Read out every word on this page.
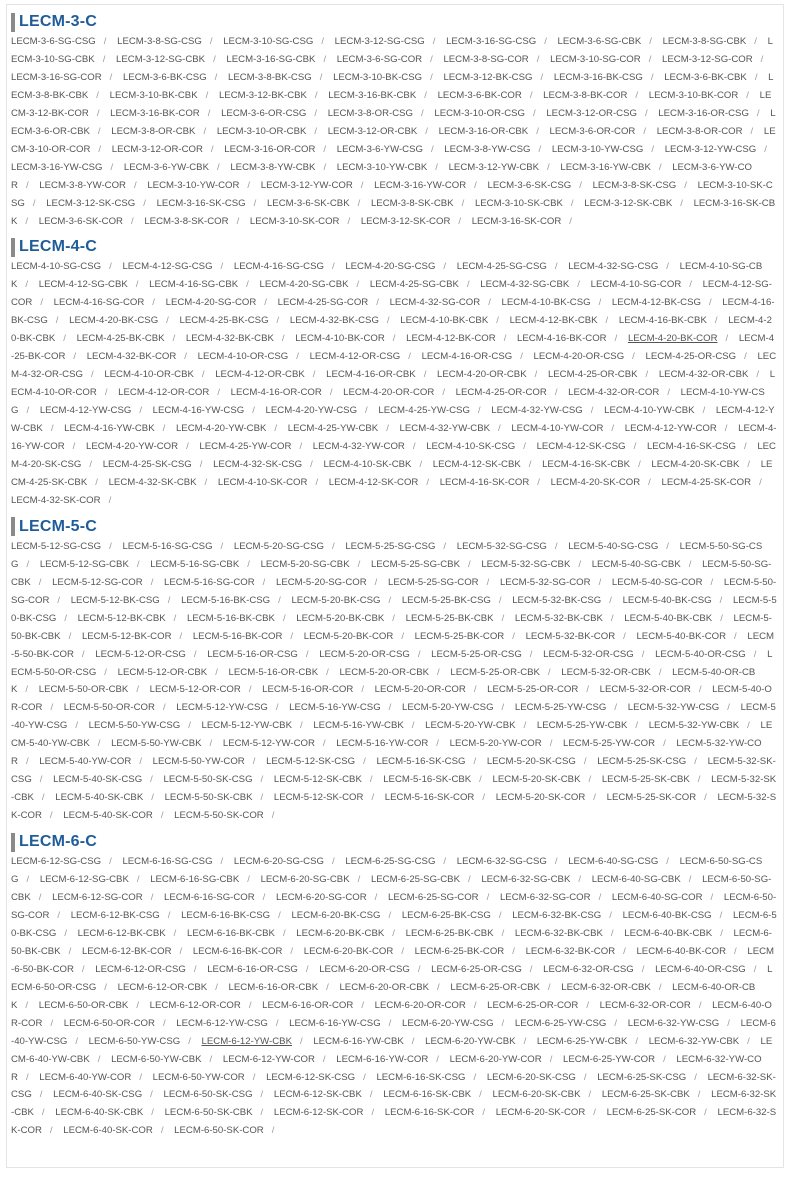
LECM-3-C
LECM-3-6-SG-CSG / LECM-3-8-SG-CSG / LECM-3-10-SG-CSG / LECM-3-12-SG-CSG / LECM-3-16-SG-CSG / LECM-3-6-SG-CBK / LECM-3-8-SG-CBK / LECM-3-10-SG-CBK / LECM-3-12-SG-CBK / LECM-3-16-SG-CBK / LECM-3-6-SG-COR / LECM-3-8-SG-COR / LECM-3-10-SG-COR / LECM-3-12-SG-COR / LECM-3-16-SG-COR / LECM-3-6-BK-CSG / LECM-3-8-BK-CSG / LECM-3-10-BK-CSG / LECM-3-12-BK-CSG / LECM-3-16-BK-CSG / LECM-3-6-BK-CBK / LECM-3-8-BK-CBK / LECM-3-10-BK-CBK / LECM-3-12-BK-CBK / LECM-3-16-BK-CBK / LECM-3-6-BK-COR / LECM-3-8-BK-COR / LECM-3-10-BK-COR / LECM-3-12-BK-COR / LECM-3-16-BK-COR / LECM-3-6-OR-CSG / LECM-3-8-OR-CSG / LECM-3-10-OR-CSG / LECM-3-12-OR-CSG / LECM-3-16-OR-CSG / LECM-3-6-OR-CBK / LECM-3-8-OR-CBK / LECM-3-10-OR-CBK / LECM-3-12-OR-CBK / LECM-3-16-OR-CBK / LECM-3-6-OR-COR / LECM-3-8-OR-COR / LECM-3-10-OR-COR / LECM-3-12-OR-COR / LECM-3-16-OR-COR / LECM-3-6-YW-CSG / LECM-3-8-YW-CSG / LECM-3-10-YW-CSG / LECM-3-12-YW-CSG / LECM-3-16-YW-CSG / LECM-3-6-YW-CBK / LECM-3-8-YW-CBK / LECM-3-10-YW-CBK / LECM-3-12-YW-CBK / LECM-3-16-YW-CBK / LECM-3-6-YW-COR / LECM-3-8-YW-COR / LECM-3-10-YW-COR / LECM-3-12-YW-COR / LECM-3-16-YW-COR / LECM-3-6-SK-CSG / LECM-3-8-SK-CSG / LECM-3-10-SK-CSG / LECM-3-12-SK-CSG / LECM-3-16-SK-CSG / LECM-3-6-SK-CBK / LECM-3-8-SK-CBK / LECM-3-10-SK-CBK / LECM-3-12-SK-CBK / LECM-3-16-SK-CBK / LECM-3-6-SK-COR / LECM-3-8-SK-COR / LECM-3-10-SK-COR / LECM-3-12-SK-COR / LECM-3-16-SK-COR /
LECM-4-C
LECM-4-10-SG-CSG / LECM-4-12-SG-CSG / LECM-4-16-SG-CSG / LECM-4-20-SG-CSG / LECM-4-25-SG-CSG / LECM-4-32-SG-CSG / LECM-4-10-SG-CBK / LECM-4-12-SG-CBK / LECM-4-16-SG-CBK / LECM-4-20-SG-CBK / LECM-4-25-SG-CBK / LECM-4-32-SG-CBK / LECM-4-10-SG-COR / LECM-4-12-SG-COR / LECM-4-16-SG-COR / LECM-4-20-SG-COR / LECM-4-25-SG-COR / LECM-4-32-SG-COR / LECM-4-10-BK-CSG / LECM-4-12-BK-CSG / LECM-4-16-BK-CSG / LECM-4-20-BK-CSG / LECM-4-25-BK-CSG / LECM-4-32-BK-CSG / LECM-4-10-BK-CBK / LECM-4-12-BK-CBK / LECM-4-16-BK-CBK / LECM-4-20-BK-CBK / LECM-4-25-BK-CBK / LECM-4-32-BK-CBK / LECM-4-10-BK-COR / LECM-4-12-BK-COR / LECM-4-16-BK-COR / LECM-4-20-BK-COR / LECM-4-25-BK-COR / LECM-4-32-BK-COR / LECM-4-10-OR-CSG / LECM-4-12-OR-CSG / LECM-4-16-OR-CSG / LECM-4-20-OR-CSG / LECM-4-25-OR-CSG / LECM-4-32-OR-CSG / LECM-4-10-OR-CBK / LECM-4-12-OR-CBK / LECM-4-16-OR-CBK / LECM-4-20-OR-CBK / LECM-4-25-OR-CBK / LECM-4-32-OR-CBK / LECM-4-10-OR-COR / LECM-4-12-OR-COR / LECM-4-16-OR-COR / LECM-4-20-OR-COR / LECM-4-25-OR-COR / LECM-4-32-OR-COR / LECM-4-10-YW-CSG / LECM-4-12-YW-CSG / LECM-4-16-YW-CSG / LECM-4-20-YW-CSG / LECM-4-25-YW-CSG / LECM-4-32-YW-CSG / LECM-4-10-YW-CBK / LECM-4-12-YW-CBK / LECM-4-16-YW-CBK / LECM-4-20-YW-CBK / LECM-4-25-YW-CBK / LECM-4-32-YW-CBK / LECM-4-10-YW-COR / LECM-4-12-YW-COR / LECM-4-16-YW-COR / LECM-4-20-YW-COR / LECM-4-25-YW-COR / LECM-4-32-YW-COR / LECM-4-10-SK-CSG / LECM-4-12-SK-CSG / LECM-4-16-SK-CSG / LECM-4-20-SK-CSG / LECM-4-25-SK-CSG / LECM-4-32-SK-CSG / LECM-4-10-SK-CBK / LECM-4-12-SK-CBK / LECM-4-16-SK-CBK / LECM-4-20-SK-CBK / LECM-4-25-SK-CBK / LECM-4-32-SK-CBK / LECM-4-10-SK-COR / LECM-4-12-SK-COR / LECM-4-16-SK-COR / LECM-4-20-SK-COR / LECM-4-25-SK-COR / LECM-4-32-SK-COR /
LECM-5-C
LECM-5-12-SG-CSG / LECM-5-16-SG-CSG / LECM-5-20-SG-CSG / LECM-5-25-SG-CSG / LECM-5-32-SG-CSG / LECM-5-40-SG-CSG / LECM-5-50-SG-CSG / LECM-5-12-SG-CBK / LECM-5-16-SG-CBK / LECM-5-20-SG-CBK / LECM-5-25-SG-CBK / LECM-5-32-SG-CBK / LECM-5-40-SG-CBK / LECM-5-50-SG-CBK / LECM-5-12-SG-COR / LECM-5-16-SG-COR / LECM-5-20-SG-COR / LECM-5-25-SG-COR / LECM-5-32-SG-COR / LECM-5-40-SG-COR / LECM-5-50-SG-COR / LECM-5-12-BK-CSG / LECM-5-16-BK-CSG / LECM-5-20-BK-CSG / LECM-5-25-BK-CSG / LECM-5-32-BK-CSG / LECM-5-40-BK-CSG / LECM-5-50-BK-CSG / LECM-5-12-BK-CBK / LECM-5-16-BK-CBK / LECM-5-20-BK-CBK / LECM-5-25-BK-CBK / LECM-5-32-BK-CBK / LECM-5-40-BK-CBK / LECM-5-50-BK-CBK / LECM-5-12-BK-COR / LECM-5-16-BK-COR / LECM-5-20-BK-COR / LECM-5-25-BK-COR / LECM-5-32-BK-COR / LECM-5-40-BK-COR / LECM-5-50-BK-COR / LECM-5-12-OR-CSG / LECM-5-16-OR-CSG / LECM-5-20-OR-CSG / LECM-5-25-OR-CSG / LECM-5-32-OR-CSG / LECM-5-40-OR-CSG / LECM-5-50-OR-CSG / LECM-5-12-OR-CBK / LECM-5-16-OR-CBK / LECM-5-20-OR-CBK / LECM-5-25-OR-CBK / LECM-5-32-OR-CBK / LECM-5-40-OR-CBK / LECM-5-50-OR-CBK / LECM-5-12-OR-COR / LECM-5-16-OR-COR / LECM-5-20-OR-COR / LECM-5-25-OR-COR / LECM-5-32-OR-COR / LECM-5-40-OR-COR / LECM-5-50-OR-COR / LECM-5-12-YW-CSG / LECM-5-16-YW-CSG / LECM-5-20-YW-CSG / LECM-5-25-YW-CSG / LECM-5-32-YW-CSG / LECM-5-40-YW-CSG / LECM-5-50-YW-CSG / LECM-5-12-YW-CBK / LECM-5-16-YW-CBK / LECM-5-20-YW-CBK / LECM-5-25-YW-CBK / LECM-5-32-YW-CBK / LECM-5-40-YW-CBK / LECM-5-50-YW-CBK / LECM-5-12-YW-COR / LECM-5-16-YW-COR / LECM-5-20-YW-COR / LECM-5-25-YW-COR / LECM-5-32-YW-COR / LECM-5-40-YW-COR / LECM-5-50-YW-COR / LECM-5-12-SK-CSG / LECM-5-16-SK-CSG / LECM-5-20-SK-CSG / LECM-5-25-SK-CSG / LECM-5-32-SK-CSG / LECM-5-40-SK-CSG / LECM-5-50-SK-CSG / LECM-5-12-SK-CBK / LECM-5-16-SK-CBK / LECM-5-20-SK-CBK / LECM-5-25-SK-CBK / LECM-5-32-SK-CBK / LECM-5-40-SK-CBK / LECM-5-50-SK-CBK / LECM-5-12-SK-COR / LECM-5-16-SK-COR / LECM-5-20-SK-COR / LECM-5-25-SK-COR / LECM-5-32-SK-COR / LECM-5-40-SK-COR / LECM-5-50-SK-COR /
LECM-6-C
LECM-6-12-SG-CSG / LECM-6-16-SG-CSG / LECM-6-20-SG-CSG / LECM-6-25-SG-CSG / LECM-6-32-SG-CSG / LECM-6-40-SG-CSG / LECM-6-50-SG-CSG / LECM-6-12-SG-CBK / LECM-6-16-SG-CBK / LECM-6-20-SG-CBK / LECM-6-25-SG-CBK / LECM-6-32-SG-CBK / LECM-6-40-SG-CBK / LECM-6-50-SG-CBK / LECM-6-12-SG-COR / LECM-6-16-SG-COR / LECM-6-20-SG-COR / LECM-6-25-SG-COR / LECM-6-32-SG-COR / LECM-6-40-SG-COR / LECM-6-50-SG-COR / LECM-6-12-BK-CSG / LECM-6-16-BK-CSG / LECM-6-20-BK-CSG / LECM-6-25-BK-CSG / LECM-6-32-BK-CSG / LECM-6-40-BK-CSG / LECM-6-50-BK-CSG / LECM-6-12-BK-CBK / LECM-6-16-BK-CBK / LECM-6-20-BK-CBK / LECM-6-25-BK-CBK / LECM-6-32-BK-CBK / LECM-6-40-BK-CBK / LECM-6-50-BK-CBK / LECM-6-12-BK-COR / LECM-6-16-BK-COR / LECM-6-20-BK-COR / LECM-6-25-BK-COR / LECM-6-32-BK-COR / LECM-6-40-BK-COR / LECM-6-50-BK-COR / LECM-6-12-OR-CSG / LECM-6-16-OR-CSG / LECM-6-20-OR-CSG / LECM-6-25-OR-CSG / LECM-6-32-OR-CSG / LECM-6-40-OR-CSG / LECM-6-50-OR-CSG / LECM-6-12-OR-CBK / LECM-6-16-OR-CBK / LECM-6-20-OR-CBK / LECM-6-25-OR-CBK / LECM-6-32-OR-CBK / LECM-6-40-OR-CBK / LECM-6-50-OR-CBK / LECM-6-12-OR-COR / LECM-6-16-OR-COR / LECM-6-20-OR-COR / LECM-6-25-OR-COR / LECM-6-32-OR-COR / LECM-6-40-OR-COR / LECM-6-50-OR-COR / LECM-6-12-YW-CSG / LECM-6-16-YW-CSG / LECM-6-20-YW-CSG / LECM-6-25-YW-CSG / LECM-6-32-YW-CSG / LECM-6-40-YW-CSG / LECM-6-50-YW-CSG / LECM-6-12-YW-CBK / LECM-6-16-YW-CBK / LECM-6-20-YW-CBK / LECM-6-25-YW-CBK / LECM-6-32-YW-CBK / LECM-6-40-YW-CBK / LECM-6-50-YW-CBK / LECM-6-12-YW-COR / LECM-6-16-YW-COR / LECM-6-20-YW-COR / LECM-6-25-YW-COR / LECM-6-32-YW-COR / LECM-6-40-YW-COR / LECM-6-50-YW-COR / LECM-6-12-SK-CSG / LECM-6-16-SK-CSG / LECM-6-20-SK-CSG / LECM-6-25-SK-CSG / LECM-6-32-SK-CSG / LECM-6-40-SK-CSG / LECM-6-50-SK-CSG / LECM-6-12-SK-CBK / LECM-6-16-SK-CBK / LECM-6-20-SK-CBK / LECM-6-25-SK-CBK / LECM-6-32-SK-CBK / LECM-6-40-SK-CBK / LECM-6-50-SK-CBK / LECM-6-12-SK-COR / LECM-6-16-SK-COR / LECM-6-20-SK-COR / LECM-6-25-SK-COR / LECM-6-32-SK-COR / LECM-6-40-SK-COR / LECM-6-50-SK-COR /
